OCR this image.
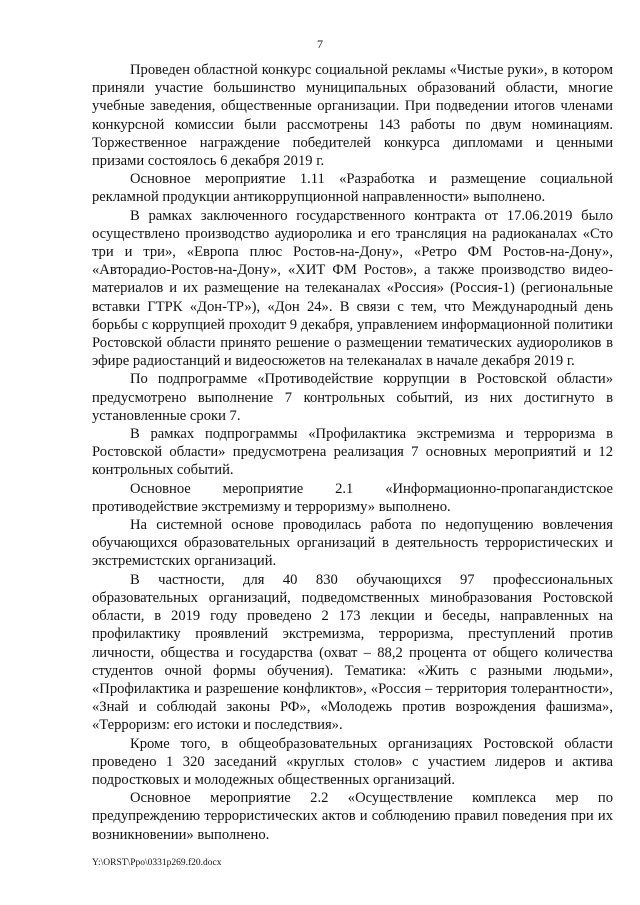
7

Проведен областной конкурс социальной рекламы «Чистые руки», в котором приняли участие большинство муниципальных образований области, многие учебные заведения, общественные организации. При подведении итогов членами конкурсной комиссии были рассмотрены 143 работы по двум номинациям. Торжественное награждение победителей конкурса дипломами и ценными призами состоялось 6 декабря 2019 г.

Основное мероприятие 1.11 «Разработка и размещение социальной рекламной продукции антикоррупционной направленности» выполнено.

В рамках заключенного государственного контракта от 17.06.2019 было осуществлено производство аудиоролика и его трансляция на радиоканалах «Сто три и три», «Европа плюс Ростов-на-Дону», «Ретро ФМ Ростов-на-Дону», «Авторадио-Ростов-на-Дону», «ХИТ ФМ Ростов», а также производство видео-материалов и их размещение на телеканалах «Россия» (Россия-1) (региональные вставки ГТРК «Дон-ТР»), «Дон 24». В связи с тем, что Международный день борьбы с коррупцией проходит 9 декабря, управлением информационной политики Ростовской области принято решение о размещении тематических аудиороликов в эфире радиостанций и видеосюжетов на телеканалах в начале декабря 2019 г.

По подпрограмме «Противодействие коррупции в Ростовской области» предусмотрено выполнение 7 контрольных событий, из них достигнуто в установленные сроки 7.

В рамках подпрограммы «Профилактика экстремизма и терроризма в Ростовской области» предусмотрена реализация 7 основных мероприятий и 12 контрольных событий.

Основное мероприятие 2.1 «Информационно-пропагандистское противодействие экстремизму и терроризму» выполнено.

На системной основе проводилась работа по недопущению вовлечения обучающихся образовательных организаций в деятельность террористических и экстремистских организаций.

В частности, для 40 830 обучающихся 97 профессиональных образовательных организаций, подведомственных минобразования Ростовской области, в 2019 году проведено 2 173 лекции и беседы, направленных на профилактику проявлений экстремизма, терроризма, преступлений против личности, общества и государства (охват – 88,2 процента от общего количества студентов очной формы обучения). Тематика: «Жить с разными людьми», «Профилактика и разрешение конфликтов», «Россия – территория толерантности», «Знай и соблюдай законы РФ», «Молодежь против возрождения фашизма», «Терроризм: его истоки и последствия».

Кроме того, в общеобразовательных организациях Ростовской области проведено 1 320 заседаний «круглых столов» с участием лидеров и актива подростковых и молодежных общественных организаций.

Основное мероприятие 2.2 «Осуществление комплекса мер по предупреждению террористических актов и соблюдению правил поведения при их возникновении» выполнено.

Y:\ORST\Ppo\0331p269.f20.docx
